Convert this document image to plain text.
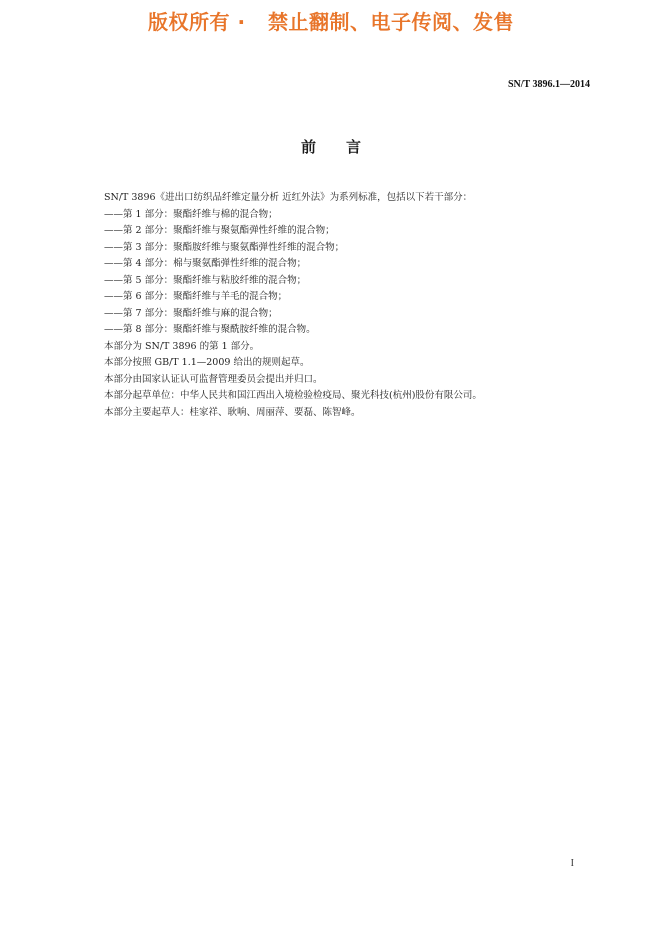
版权所有 ·   禁止翻制、电子传阅、发售
SN/T 3896.1—2014
前言

SN/T 3896《进出口纺织品纤维定量分析 近红外法》为系列标准，包括以下若干部分：

——第 1 部分：聚酯纤维与棉的混合物；

——第 2 部分：聚酯纤维与聚氨酯弹性纤维的混合物；

——第 3 部分：聚酯胺纤维与聚氨酯弹性纤维的混合物；

——第 4 部分：棉与聚氨酯弹性纤维的混合物；

——第 5 部分：聚酯纤维与粘胶纤维的混合物；

——第 6 部分：聚酯纤维与羊毛的混合物；

——第 7 部分：聚酯纤维与麻的混合物；

——第 8 部分：聚酯纤维与聚酰胺纤维的混合物。

本部分为 SN/T 3896 的第 1 部分。

本部分按照 GB/T 1.1—2009 给出的规则起草。

本部分由国家认证认可监督管理委员会提出并归口。

本部分起草单位：中华人民共和国江西出入境检验检疫局、聚光科技(杭州)股份有限公司。

本部分主要起草人：桂家祥、耿响、周丽萍、要磊、陈智峰。

I
